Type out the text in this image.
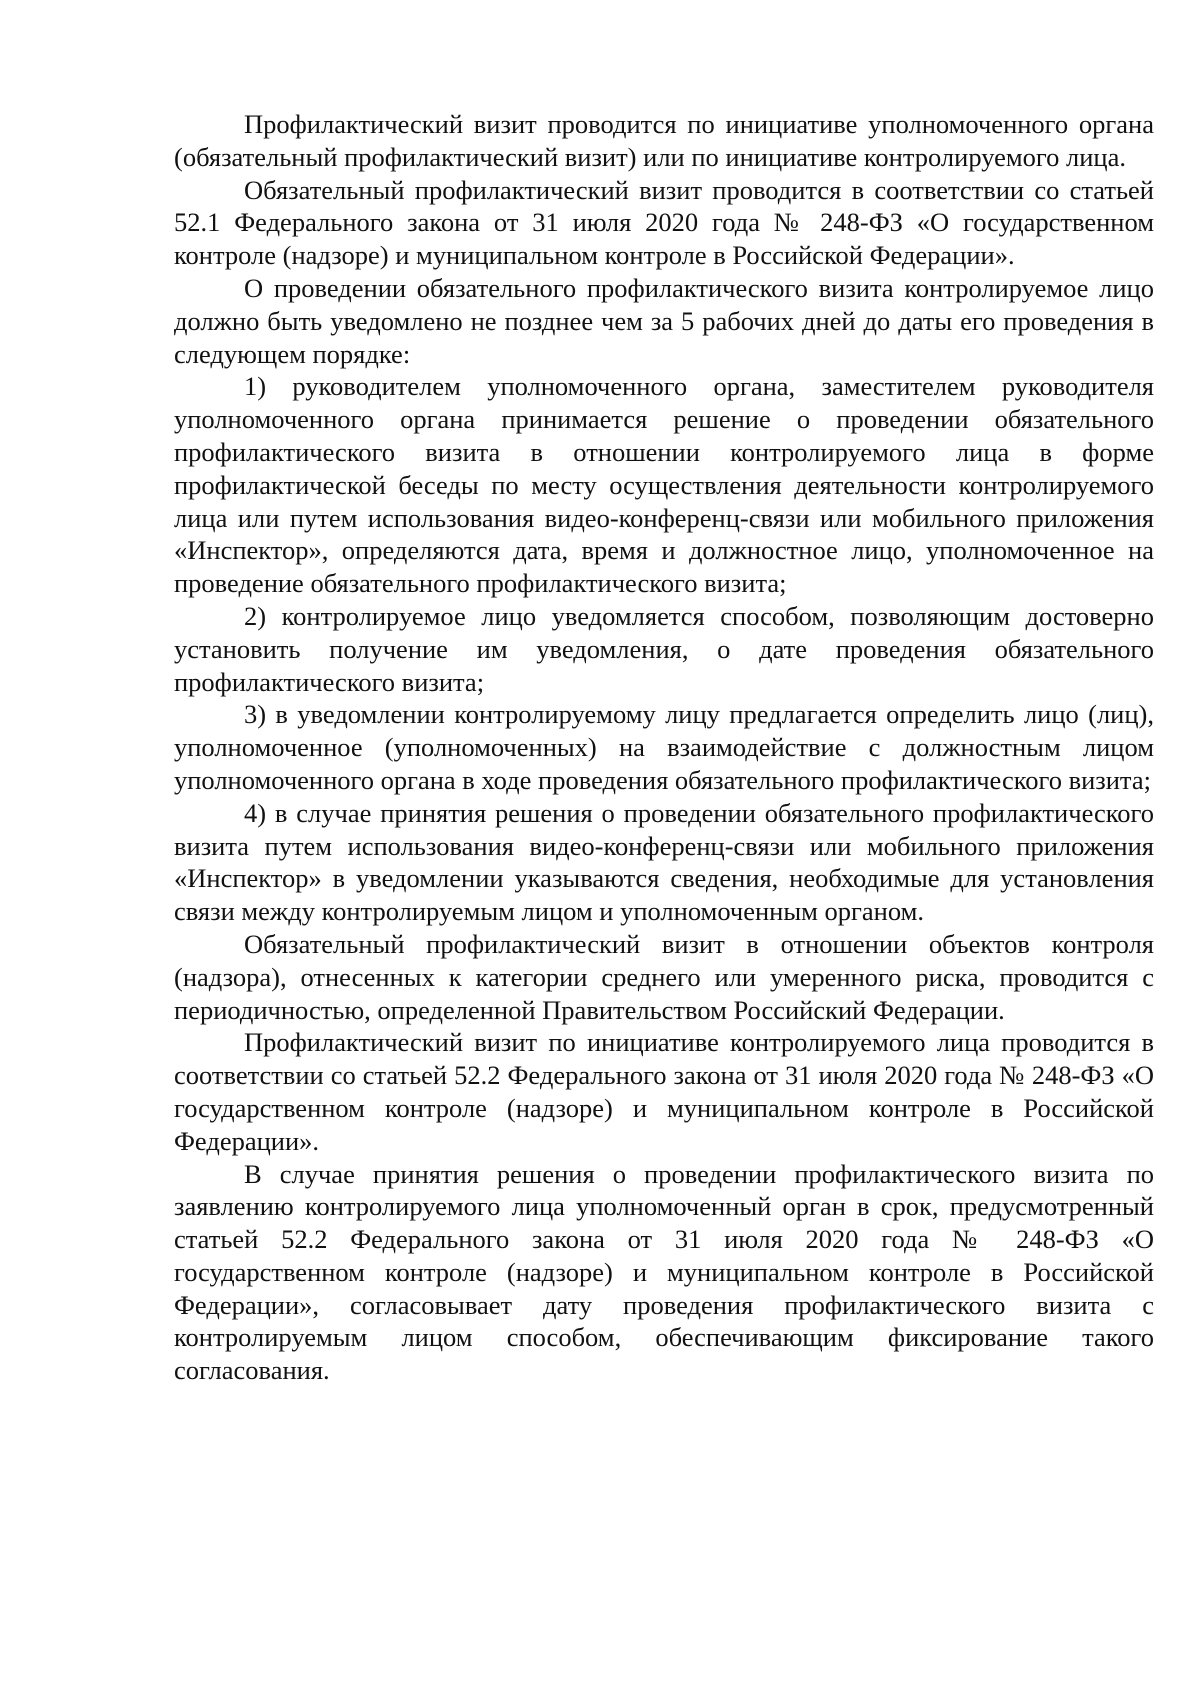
Профилактический визит проводится по инициативе уполномоченного органа (обязательный профилактический визит) или по инициативе контролируемого лица.

Обязательный профилактический визит проводится в соответствии со статьей 52.1 Федерального закона от 31 июля 2020 года № 248-ФЗ «О государственном контроле (надзоре) и муниципальном контроле в Российской Федерации».

О проведении обязательного профилактического визита контролируемое лицо должно быть уведомлено не позднее чем за 5 рабочих дней до даты его проведения в следующем порядке:

1) руководителем уполномоченного органа, заместителем руководителя уполномоченного органа принимается решение о проведении обязательного профилактического визита в отношении контролируемого лица в форме профилактической беседы по месту осуществления деятельности контролируемого лица или путем использования видео-конференц-связи или мобильного приложения «Инспектор», определяются дата, время и должностное лицо, уполномоченное на проведение обязательного профилактического визита;

2) контролируемое лицо уведомляется способом, позволяющим достоверно установить получение им уведомления, о дате проведения обязательного профилактического визита;

3) в уведомлении контролируемому лицу предлагается определить лицо (лиц), уполномоченное (уполномоченных) на взаимодействие с должностным лицом уполномоченного органа в ходе проведения обязательного профилактического визита;

4) в случае принятия решения о проведении обязательного профилактического визита путем использования видео-конференц-связи или мобильного приложения «Инспектор» в уведомлении указываются сведения, необходимые для установления связи между контролируемым лицом и уполномоченным органом.

Обязательный профилактический визит в отношении объектов контроля (надзора), отнесенных к категории среднего или умеренного риска, проводится с периодичностью, определенной Правительством Российский Федерации.

Профилактический визит по инициативе контролируемого лица проводится в соответствии со статьей 52.2 Федерального закона от 31 июля 2020 года № 248-ФЗ «О государственном контроле (надзоре) и муниципальном контроле в Российской Федерации».

В случае принятия решения о проведении профилактического визита по заявлению контролируемого лица уполномоченный орган в срок, предусмотренный статьей 52.2 Федерального закона от 31 июля 2020 года № 248-ФЗ «О государственном контроле (надзоре) и муниципальном контроле в Российской Федерации», согласовывает дату проведения профилактического визита с контролируемым лицом способом, обеспечивающим фиксирование такого согласования.
